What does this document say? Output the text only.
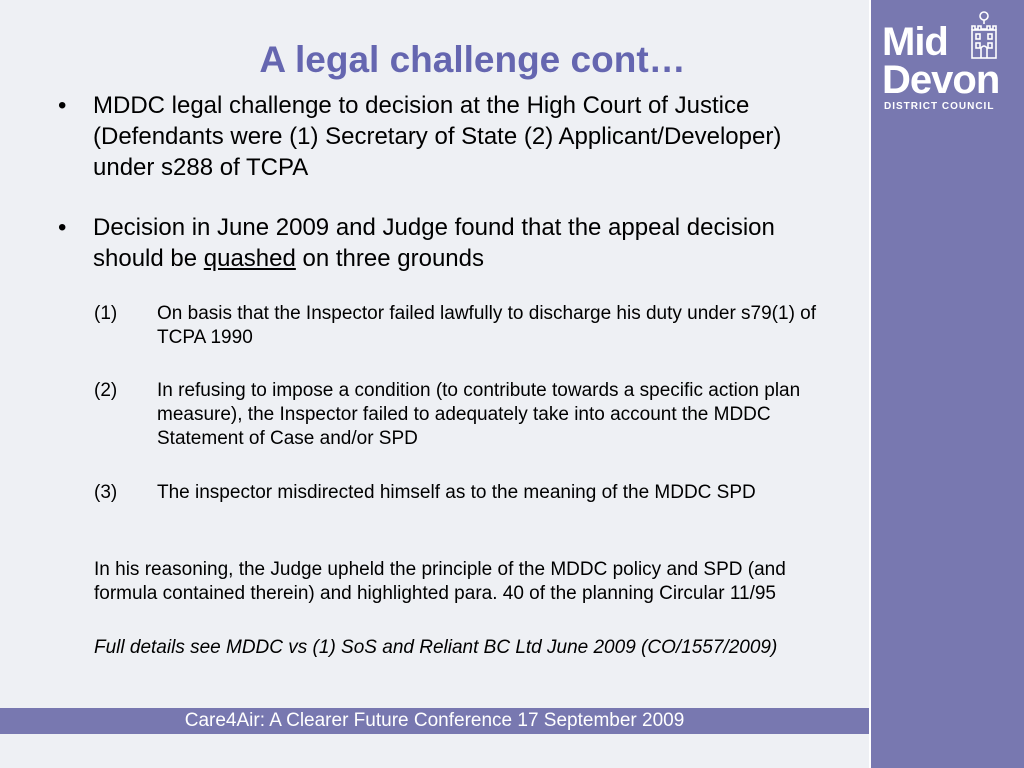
Mid
Devon
DISTRICT COUNCIL
A legal challenge cont…
• MDDC legal challenge to decision at the High Court of Justice (Defendants were (1) Secretary of State (2) Applicant/Developer) under s288 of TCPA
• Decision in June 2009 and Judge found that the appeal decision should be quashed on three grounds
(1) On basis that the Inspector failed lawfully to discharge his duty under s79(1) of TCPA 1990
(2) In refusing to impose a condition (to contribute towards a specific action plan measure), the Inspector failed to adequately take into account the MDDC Statement of Case and/or SPD
(3) The inspector misdirected himself as to the meaning of the MDDC SPD
In his reasoning, the Judge upheld the principle of the MDDC policy and SPD (and formula contained therein) and highlighted para. 40 of the planning Circular 11/95
Full details see MDDC vs (1) SoS and Reliant BC Ltd June 2009 (CO/1557/2009)
Care4Air: A Clearer Future Conference 17 September 2009
